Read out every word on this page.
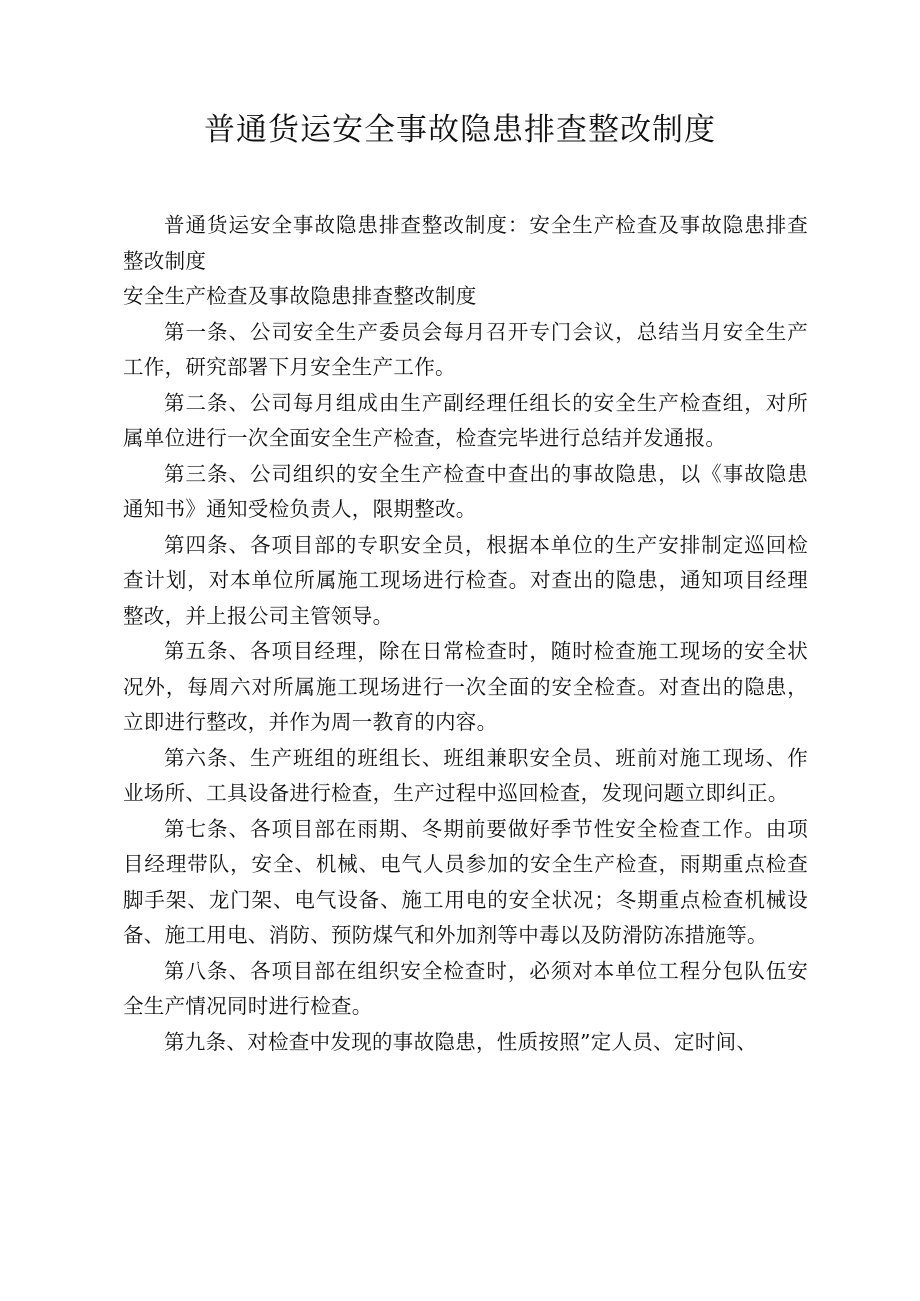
普通货运安全事故隐患排查整改制度

普通货运安全事故隐患排查整改制度：安全生产检查及事故隐患排查整改制度

安全生产检查及事故隐患排查整改制度

第一条、公司安全生产委员会每月召开专门会议，总结当月安全生产工作，研究部署下月安全生产工作。

第二条、公司每月组成由生产副经理任组长的安全生产检查组，对所属单位进行一次全面安全生产检查，检查完毕进行总结并发通报。

第三条、公司组织的安全生产检查中查出的事故隐患，以《事故隐患通知书》通知受检负责人，限期整改。

第四条、各项目部的专职安全员，根据本单位的生产安排制定巡回检查计划，对本单位所属施工现场进行检查。对查出的隐患，通知项目经理整改，并上报公司主管领导。

第五条、各项目经理，除在日常检查时，随时检查施工现场的安全状况外，每周六对所属施工现场进行一次全面的安全检查。对查出的隐患，立即进行整改，并作为周一教育的内容。

第六条、生产班组的班组长、班组兼职安全员、班前对施工现场、作业场所、工具设备进行检查，生产过程中巡回检查，发现问题立即纠正。

第七条、各项目部在雨期、冬期前要做好季节性安全检查工作。由项目经理带队，安全、机械、电气人员参加的安全生产检查，雨期重点检查脚手架、龙门架、电气设备、施工用电的安全状况；冬期重点检查机械设备、施工用电、消防、预防煤气和外加剂等中毒以及防滑防冻措施等。

第八条、各项目部在组织安全检查时，必须对本单位工程分包队伍安全生产情况同时进行检查。

第九条、对检查中发现的事故隐患，性质按照”定人员、定时间、
